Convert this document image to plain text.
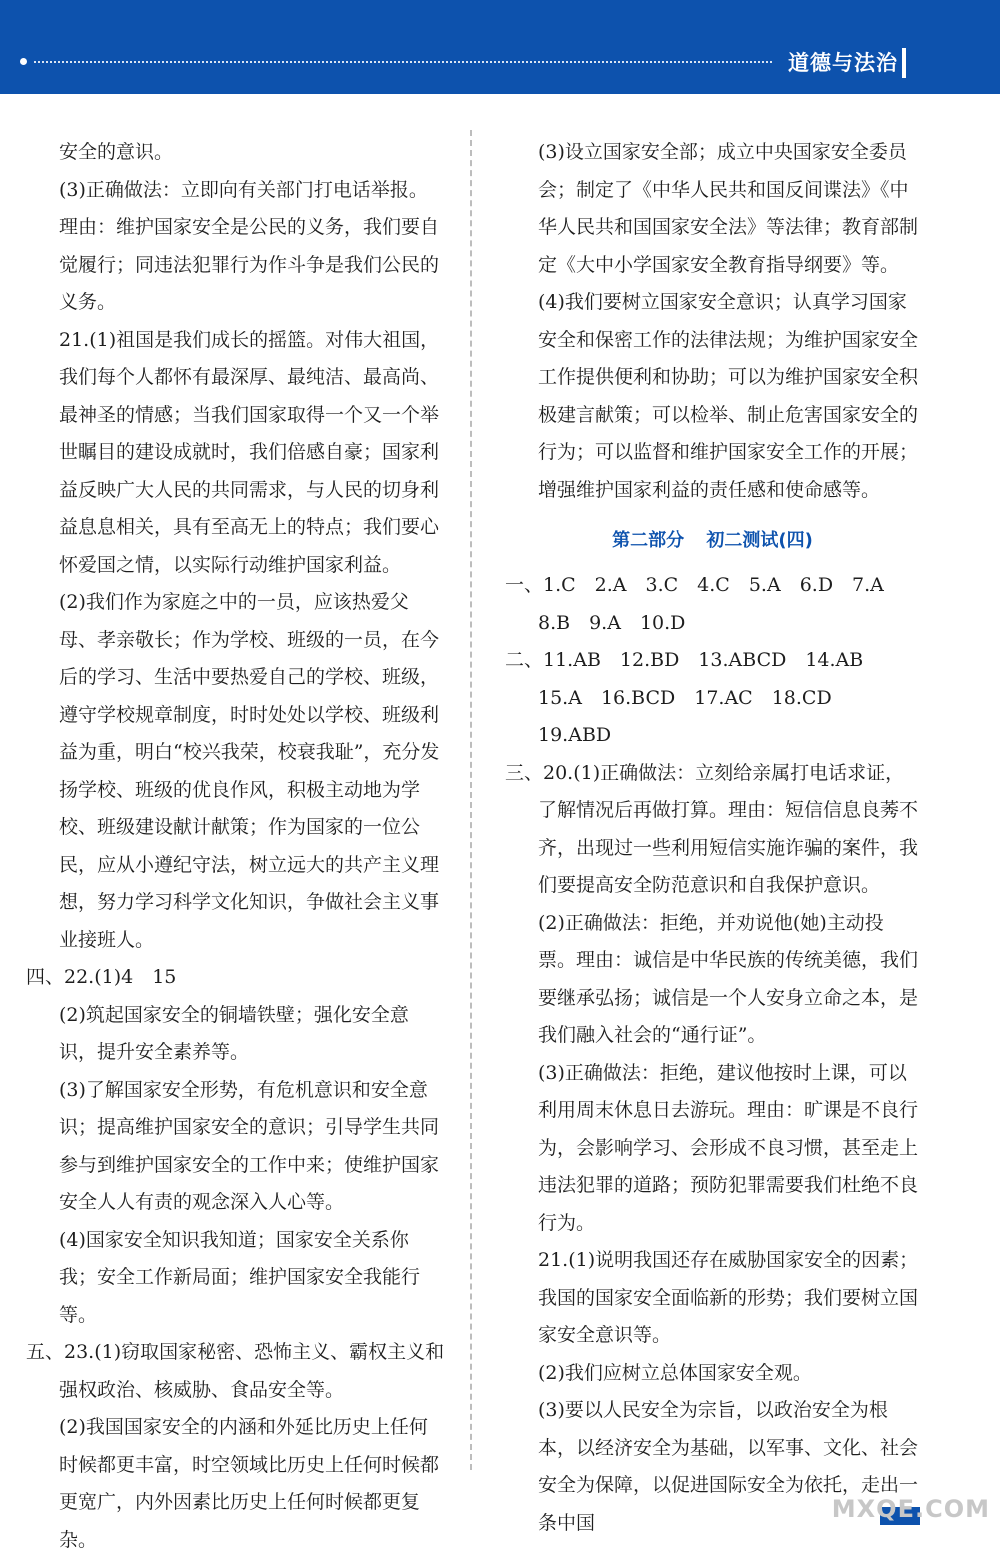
道德与法治

安全的意识。

(3)正确做法：立即向有关部门打电话举报。

理由：维护国家安全是公民的义务，我们要自觉履行；同违法犯罪行为作斗争是我们公民的义务。

21.(1)祖国是我们成长的摇篮。对伟大祖国，我们每个人都怀有最深厚、最纯洁、最高尚、最神圣的情感；当我们国家取得一个又一个举世瞩目的建设成就时，我们倍感自豪；国家利益反映广大人民的共同需求，与人民的切身利益息息相关，具有至高无上的特点；我们要心怀爱国之情，以实际行动维护国家利益。

(2)我们作为家庭之中的一员，应该热爱父母、孝亲敬长；作为学校、班级的一员，在今后的学习、生活中要热爱自己的学校、班级，遵守学校规章制度，时时处处以学校、班级利益为重，明白“校兴我荣，校衰我耻”，充分发扬学校、班级的优良作风，积极主动地为学校、班级建设献计献策；作为国家的一位公民，应从小遵纪守法，树立远大的共产主义理想，努力学习科学文化知识，争做社会主义事业接班人。

四、22.(1)4　15

(2)筑起国家安全的铜墙铁壁；强化安全意识，提升安全素养等。

(3)了解国家安全形势，有危机意识和安全意识；提高维护国家安全的意识；引导学生共同参与到维护国家安全的工作中来；使维护国家安全人人有责的观念深入人心等。

(4)国家安全知识我知道；国家安全关系你我；安全工作新局面；维护国家安全我能行等。

五、23.(1)窃取国家秘密、恐怖主义、霸权主义和强权政治、核威胁、食品安全等。

(2)我国国家安全的内涵和外延比历史上任何时候都更丰富，时空领域比历史上任何时候都更宽广，内外因素比历史上任何时候都更复杂。

(3)设立国家安全部；成立中央国家安全委员会；制定了《中华人民共和国反间谍法》《中华人民共和国国家安全法》等法律；教育部制定《大中小学国家安全教育指导纲要》等。

(4)我们要树立国家安全意识；认真学习国家安全和保密工作的法律法规；为维护国家安全工作提供便利和协助；可以为维护国家安全积极建言献策；可以检举、制止危害国家安全的行为；可以监督和维护国家安全工作的开展；增强维护国家利益的责任感和使命感等。

第二部分 初二测试(四)

一、1.C　2.A　3.C　4.C　5.A　6.D　7.A　8.B　9.A　10.D

二、11.AB　12.BD　13.ABCD　14.AB　15.A　16.BCD　17.AC　18.CD　19.ABD

三、20.(1)正确做法：立刻给亲属打电话求证，了解情况后再做打算。理由：短信信息良莠不齐，出现过一些利用短信实施诈骗的案件，我们要提高安全防范意识和自我保护意识。

(2)正确做法：拒绝，并劝说他(她)主动投票。理由：诚信是中华民族的传统美德，我们要继承弘扬；诚信是一个人安身立命之本，是我们融入社会的“通行证”。

(3)正确做法：拒绝，建议他按时上课，可以利用周末休息日去游玩。理由：旷课是不良行为，会影响学习、会形成不良习惯，甚至走上违法犯罪的道路；预防犯罪需要我们杜绝不良行为。

21.(1)说明我国还存在威胁国家安全的因素；我国的国家安全面临新的形势；我们要树立国家安全意识等。

(2)我们应树立总体国家安全观。

(3)要以人民安全为宗旨，以政治安全为根本，以经济安全为基础，以军事、文化、社会安全为保障，以促进国际安全为依托，走出一条中国	MXQE.COM
